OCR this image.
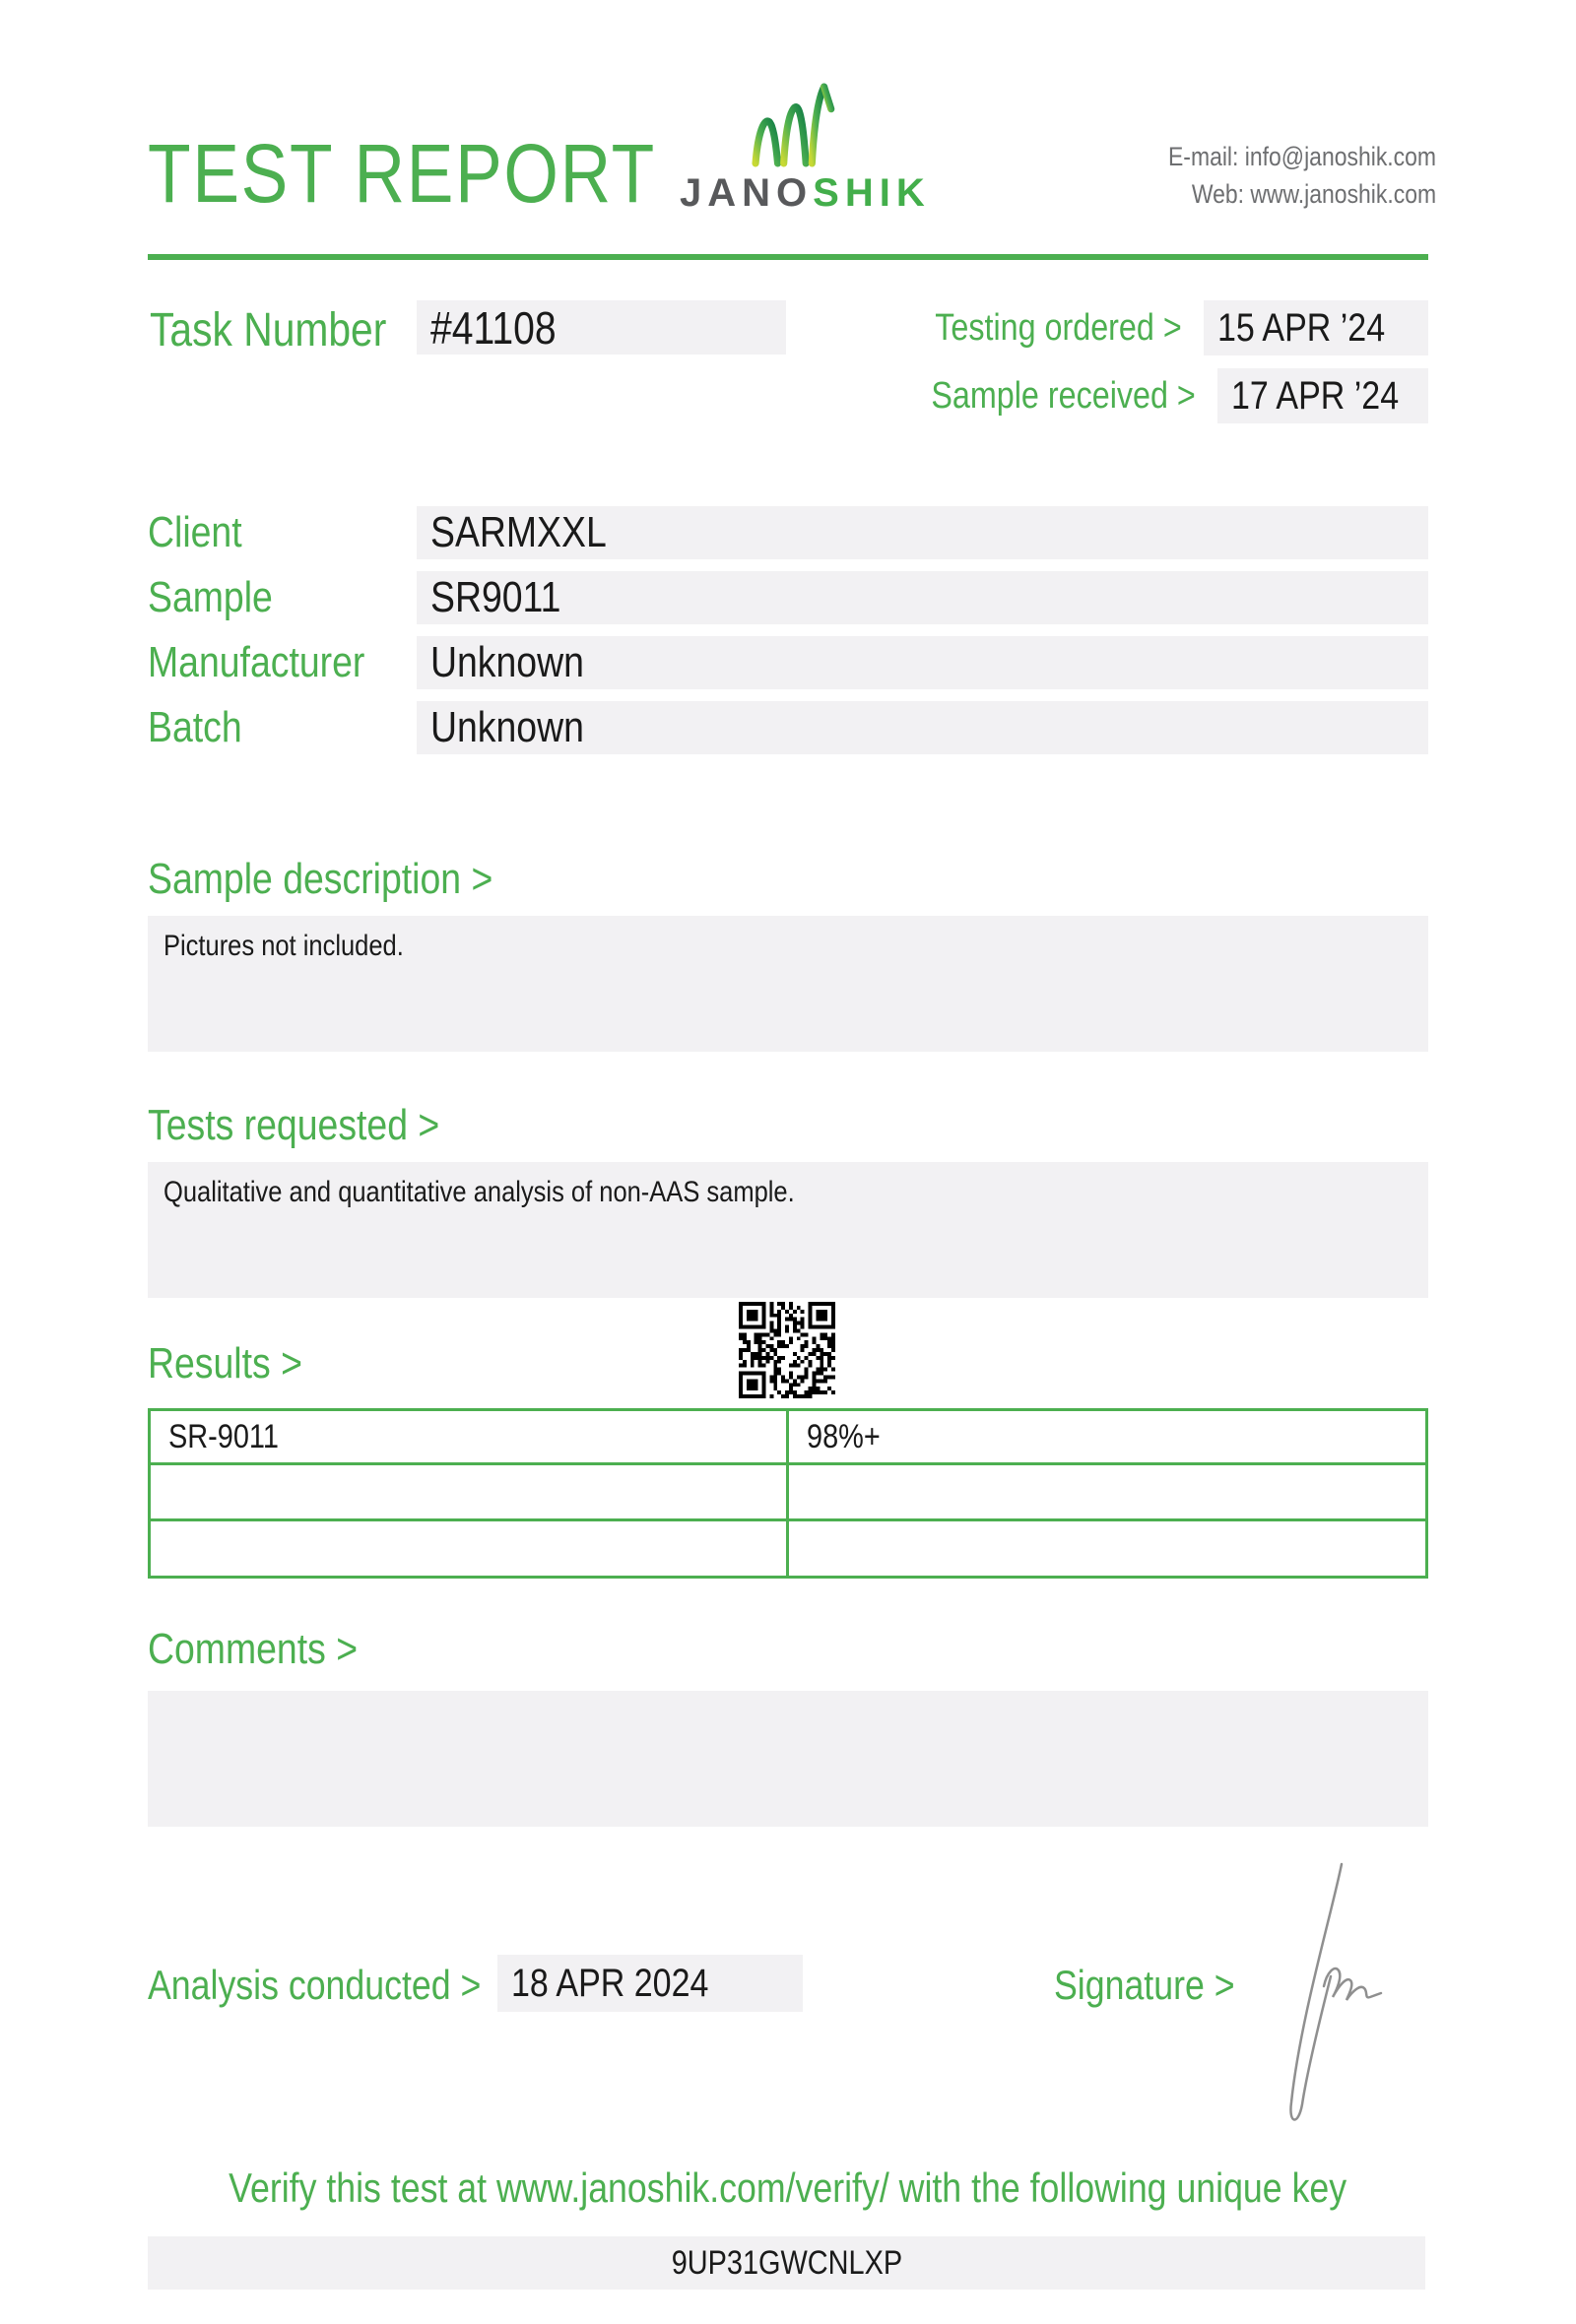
TEST REPORT JANOSHIK
E-mail: info@janoshik.com
Web: www.janoshik.com
Task Number #41108	Testing ordered > 15 APR ’24
Sample received > 17 APR ’24
Client	SARMXXL
Sample	SR9011
Manufacturer	Unknown
Batch	Unknown
Sample description >
Pictures not included.
Tests requested >
Qualitative and quantitative analysis of non-AAS sample.
Results >
SR-9011	98%+

Comments >
Analysis conducted > 18 APR 2024	Signature >
Verify this test at www.janoshik.com/verify/ with the following unique key
9UP31GWCNLXP
